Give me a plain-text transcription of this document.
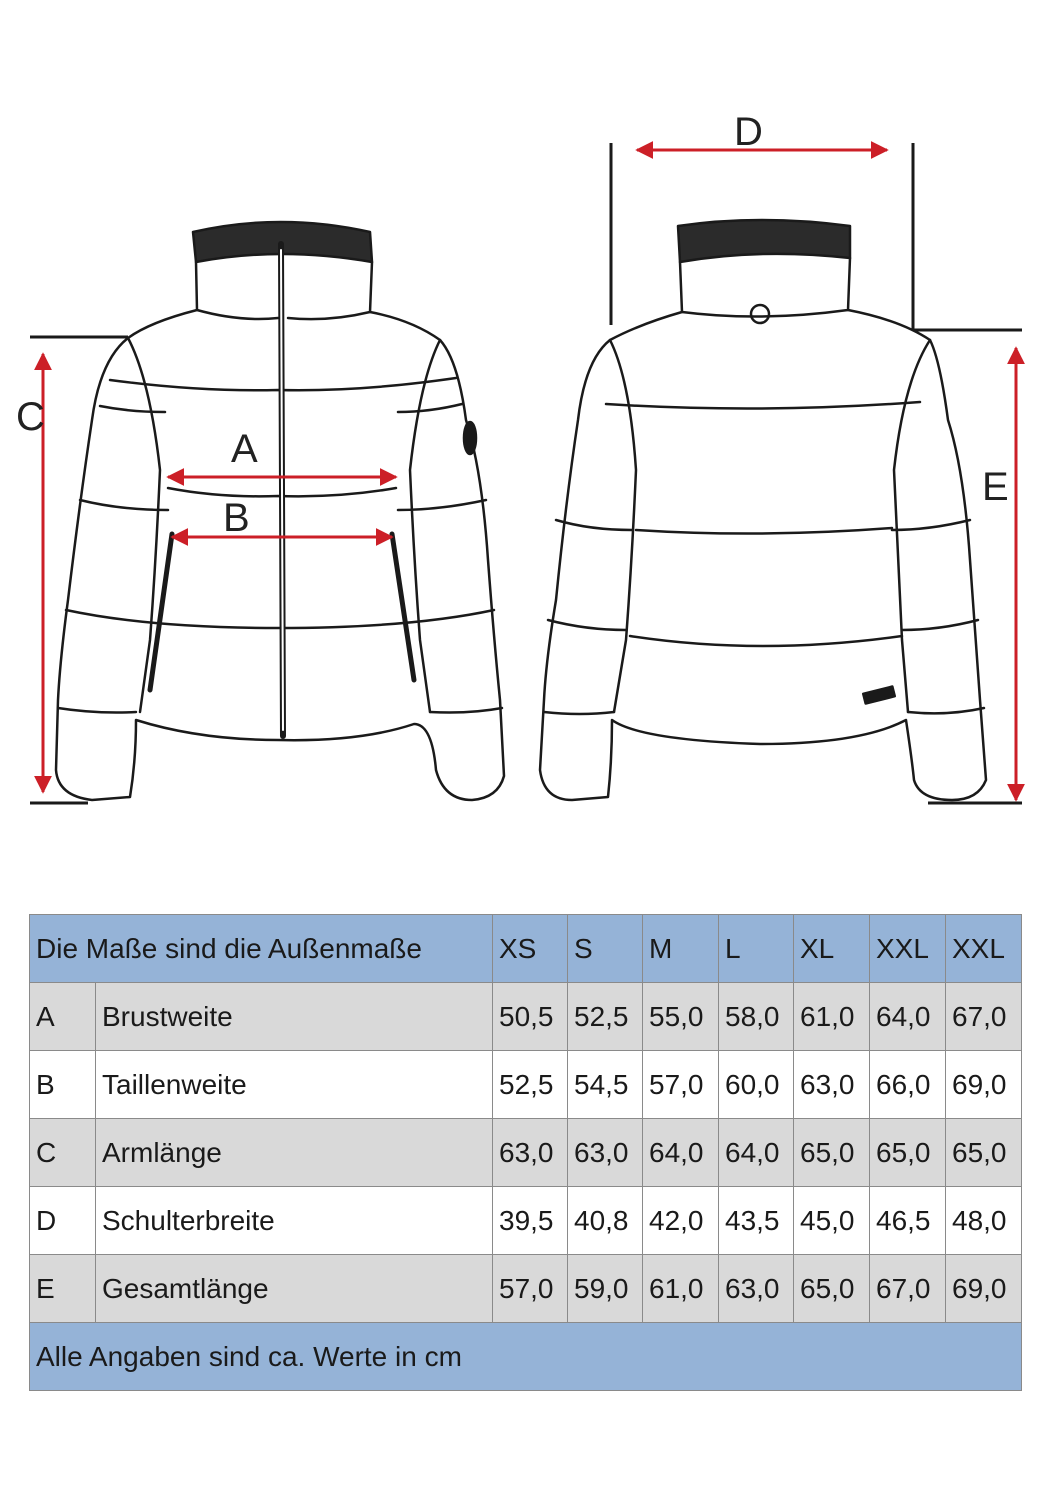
A
B
C
D
E
Die Maße sind die Außenmaße		XS	S	M	L	XL	XXL	XXL
A	Brustweite	50,5	52,5	55,0	58,0	61,0	64,0	67,0
B	Taillenweite	52,5	54,5	57,0	60,0	63,0	66,0	69,0
C	Armlänge	63,0	63,0	64,0	64,0	65,0	65,0	65,0
D	Schulterbreite	39,5	40,8	42,0	43,5	45,0	46,5	48,0
E	Gesamtlänge	57,0	59,0	61,0	63,0	65,0	67,0	69,0
Alle Angaben sind ca. Werte in cm								
